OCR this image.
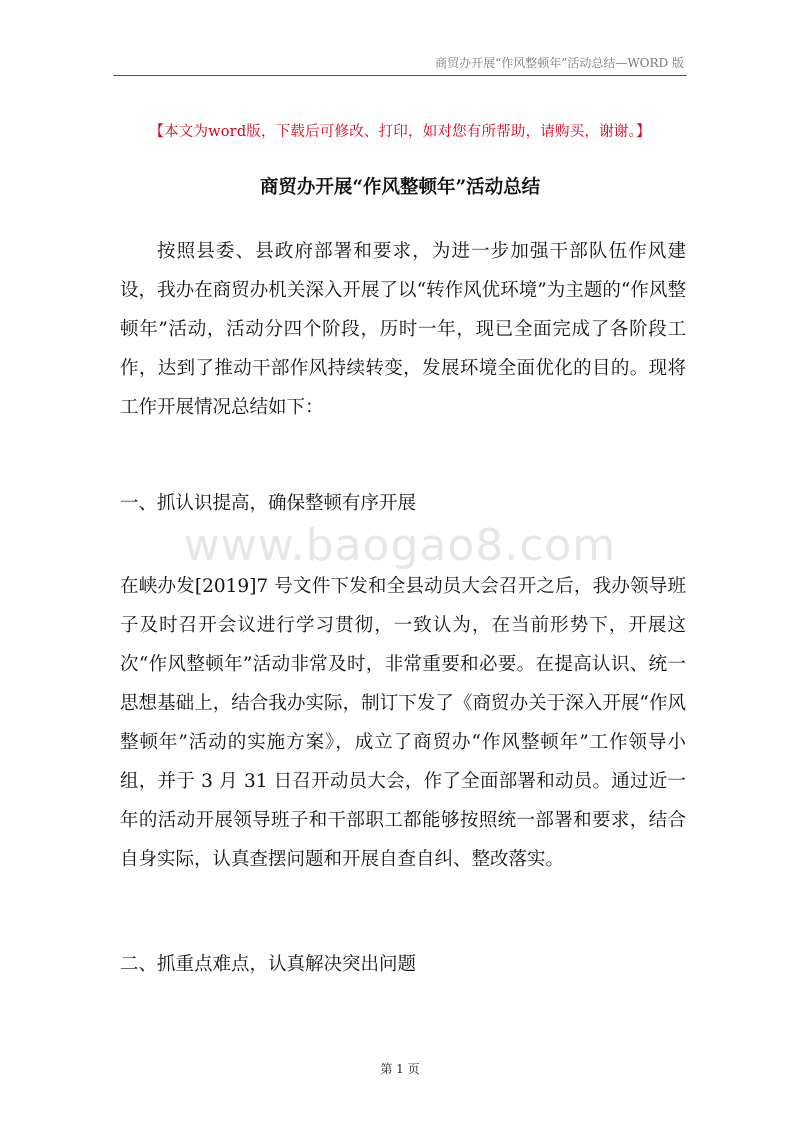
商贸办开展“作风整顿年”活动总结—WORD 版
【本文为word版，下载后可修改、打印，如对您有所帮助，请购买，谢谢。】
商贸办开展“作风整顿年”活动总结
按照县委、县政府部署和要求，为进一步加强干部队伍作风建设，我办在商贸办机关深入开展了以“转作风优环境”为主题的“作风整顿年”活动，活动分四个阶段，历时一年，现已全面完成了各阶段工作，达到了推动干部作风持续转变，发展环境全面优化的目的。现将工作开展情况总结如下：
一、抓认识提高，确保整顿有序开展
www.baogao8.com
在峡办发[2019]7 号文件下发和全县动员大会召开之后，我办领导班子及时召开会议进行学习贯彻，一致认为，在当前形势下，开展这次“作风整顿年”活动非常及时，非常重要和必要。在提高认识、统一思想基础上，结合我办实际，制订下发了《商贸办关于深入开展“作风整顿年”活动的实施方案》，成立了商贸办“作风整顿年”工作领导小组，并于 3 月 31 日召开动员大会，作了全面部署和动员。通过近一年的活动开展领导班子和干部职工都能够按照统一部署和要求，结合自身实际，认真查摆问题和开展自查自纠、整改落实。
二、抓重点难点，认真解决突出问题
第 1 页
